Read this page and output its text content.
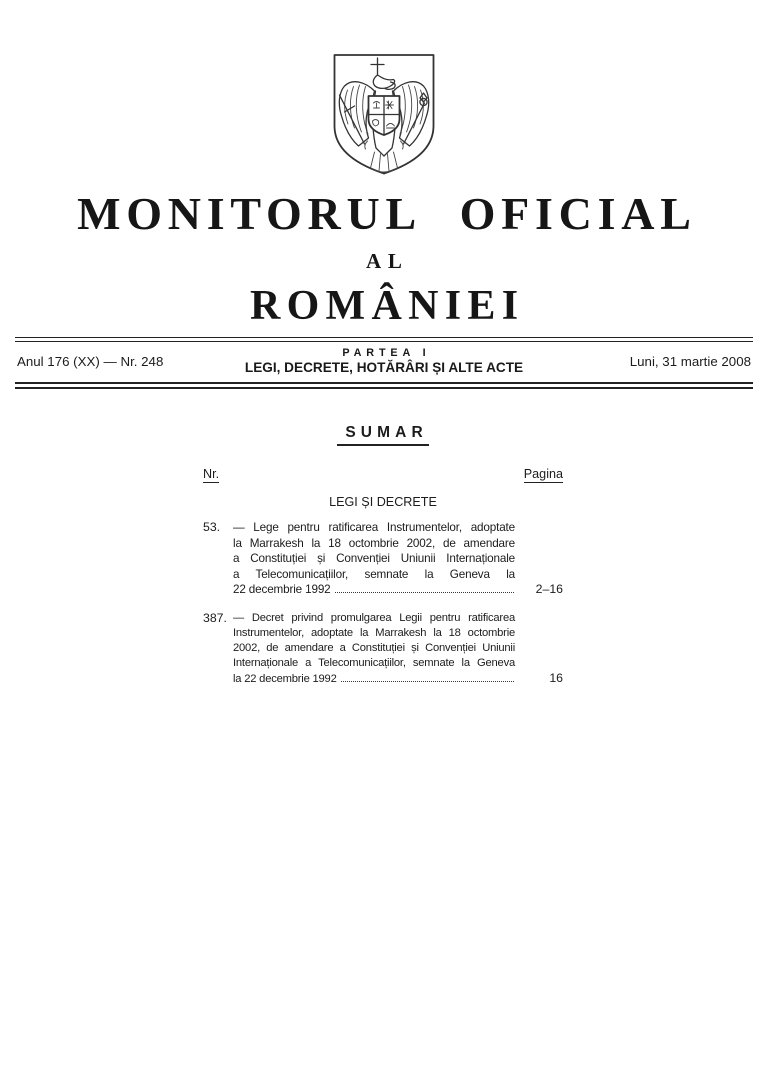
MONITORUL OFICIAL
AL
ROMÂNIEI
Anul 176 (XX) — Nr. 248
PARTEA I
LEGI, DECRETE, HOTĂRÂRI ȘI ALTE ACTE	Luni, 31 martie 2008
SUMAR
Nr.	Pagina
LEGI ȘI DECRETE
53.	— Lege pentru ratificarea Instrumentelor, adoptate
la Marrakesh la 18 octombrie 2002, de amendare
a Constituției și Convenției Uniunii Internaționale
a Telecomunicațiilor, semnate la Geneva la
22 decembrie 1992	2–16
387. — Decret privind promulgarea Legii pentru ratificarea
Instrumentelor, adoptate la Marrakesh la 18 octombrie
2002, de amendare a Constituției și Convenției Uniunii
Internaționale a Telecomunicațiilor, semnate la Geneva
la 22 decembrie 1992	16
